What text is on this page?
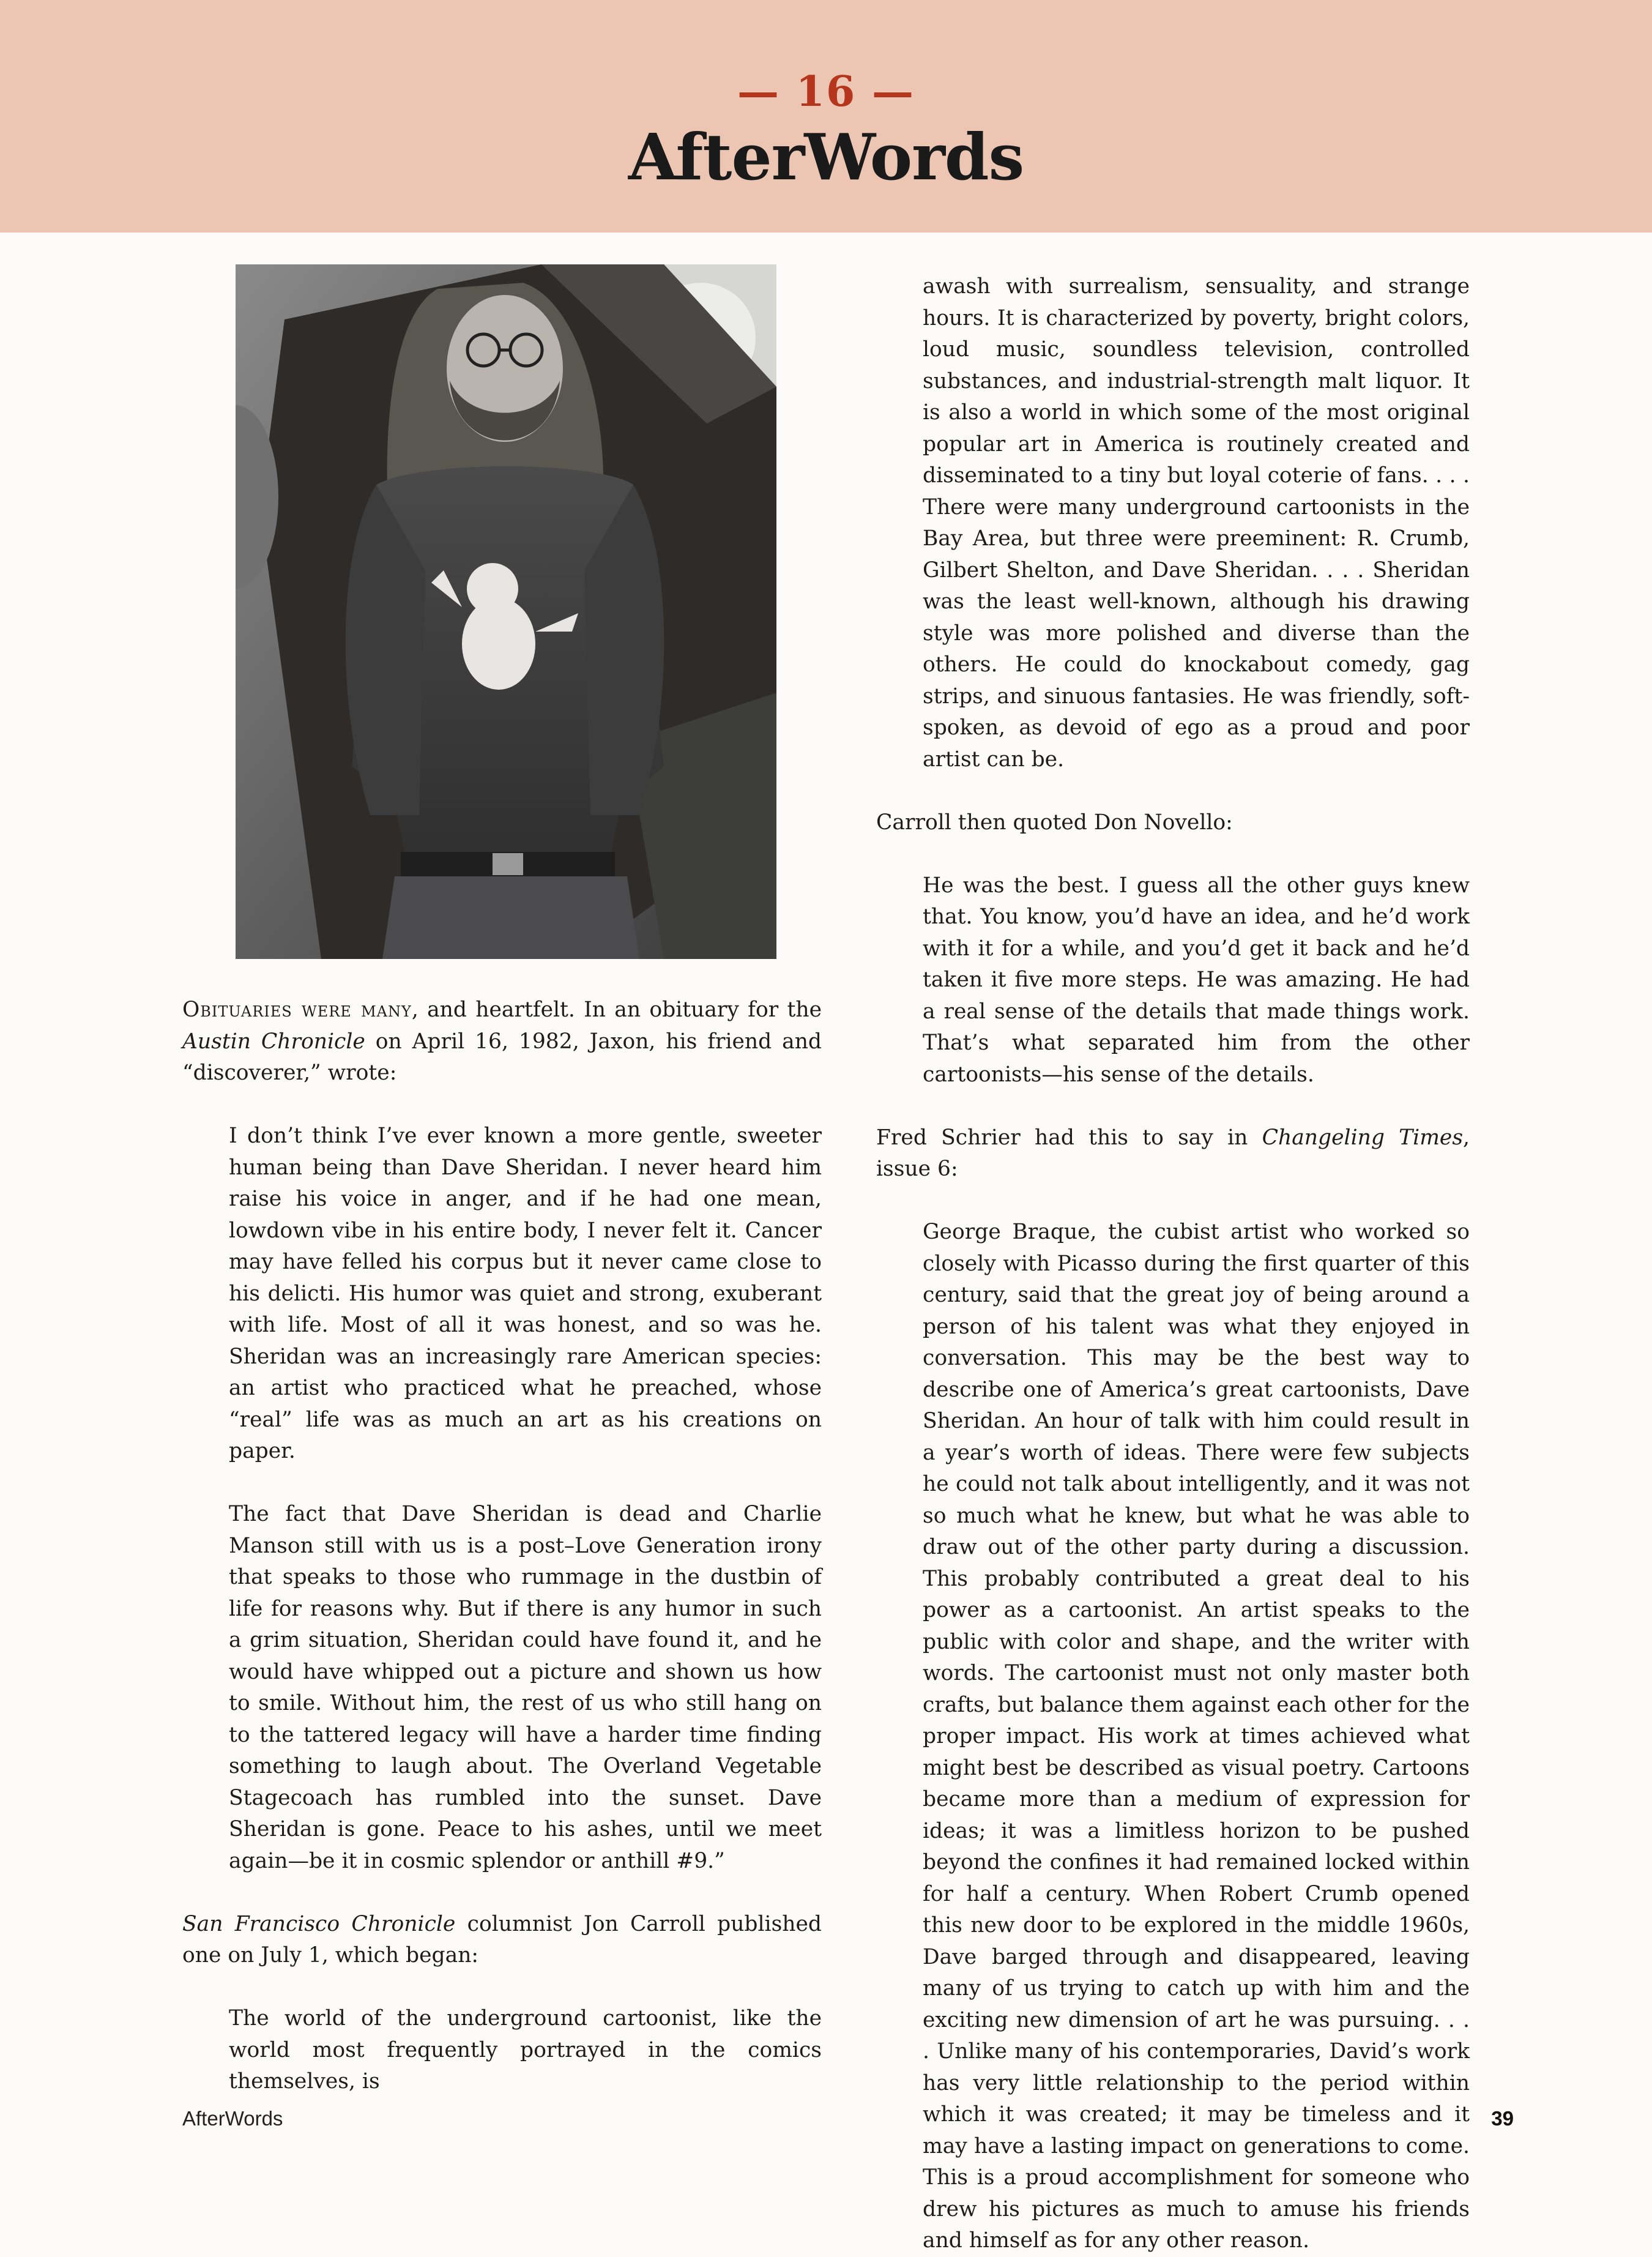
— 16 —
AfterWords

Obituaries were many, and heartfelt. In an obituary for the Austin Chronicle on April 16, 1982, Jaxon, his friend and “discoverer,” wrote:

I don’t think I’ve ever known a more gentle, sweeter human being than Dave Sheridan. I never heard him raise his voice in anger, and if he had one mean, lowdown vibe in his entire body, I never felt it. Cancer may have felled his corpus but it never came close to his delicti. His humor was quiet and strong, exuberant with life. Most of all it was honest, and so was he. Sheridan was an increasingly rare American species: an artist who practiced what he preached, whose “real” life was as much an art as his creations on paper.

The fact that Dave Sheridan is dead and Charlie Manson still with us is a post–Love Generation irony that speaks to those who rummage in the dustbin of life for reasons why. But if there is any humor in such a grim situation, Sheridan could have found it, and he would have whipped out a picture and shown us how to smile. Without him, the rest of us who still hang on to the tattered legacy will have a harder time finding something to laugh about. The Overland Vegetable Stagecoach has rumbled into the sunset. Dave Sheridan is gone. Peace to his ashes, until we meet again—be it in cosmic splendor or anthill #9.”

San Francisco Chronicle columnist Jon Carroll published one on July 1, which began:

The world of the underground cartoonist, like the world most frequently portrayed in the comics themselves, is

awash with surrealism, sensuality, and strange hours. It is characterized by poverty, bright colors, loud music, soundless television, controlled substances, and industrial-strength malt liquor. It is also a world in which some of the most original popular art in America is routinely created and disseminated to a tiny but loyal coterie of fans. . . . There were many underground cartoonists in the Bay Area, but three were preeminent: R. Crumb, Gilbert Shelton, and Dave Sheridan. . . . Sheridan was the least well-known, although his drawing style was more polished and diverse than the others. He could do knockabout comedy, gag strips, and sinuous fantasies. He was friendly, soft-spoken, as devoid of ego as a proud and poor artist can be.

Carroll then quoted Don Novello:

He was the best. I guess all the other guys knew that. You know, you’d have an idea, and he’d work with it for a while, and you’d get it back and he’d taken it five more steps. He was amazing. He had a real sense of the details that made things work. That’s what separated him from the other cartoonists—his sense of the details.

Fred Schrier had this to say in Changeling Times, issue 6:

George Braque, the cubist artist who worked so closely with Picasso during the first quarter of this century, said that the great joy of being around a person of his talent was what they enjoyed in conversation. This may be the best way to describe one of America’s great cartoonists, Dave Sheridan. An hour of talk with him could result in a year’s worth of ideas. There were few subjects he could not talk about intelligently, and it was not so much what he knew, but what he was able to draw out of the other party during a discussion. This probably contributed a great deal to his power as a cartoonist. An artist speaks to the public with color and shape, and the writer with words. The cartoonist must not only master both crafts, but balance them against each other for the proper impact. His work at times achieved what might best be described as visual poetry. Cartoons became more than a medium of expression for ideas; it was a limitless horizon to be pushed beyond the confines it had remained locked within for half a century. When Robert Crumb opened this new door to be explored in the middle 1960s, Dave barged through and disappeared, leaving many of us trying to catch up with him and the exciting new dimension of art he was pursuing. . . . Unlike many of his contemporaries, David’s work has very little relationship to the period within which it was created; it may be timeless and it may have a lasting impact on generations to come. This is a proud accomplishment for someone who drew his pictures as much to amuse his friends and himself as for any other reason.

AfterWords	39
